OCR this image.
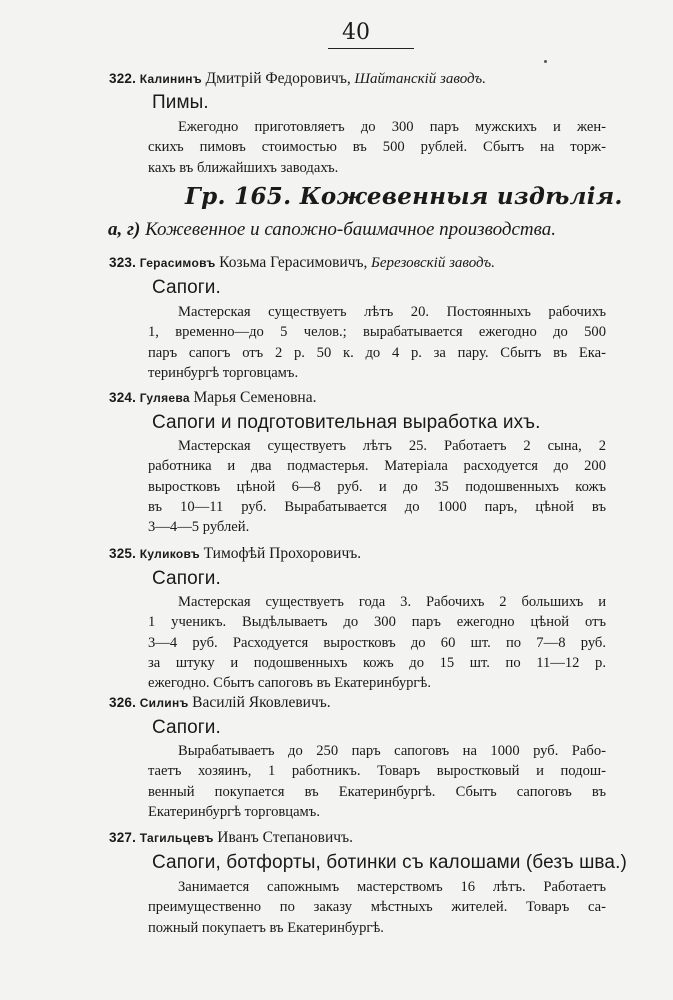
40
322. Калининъ Дмитрій Федоровичъ, Шайтанскій заводъ.
Пимы.
Ежегодно приготовляетъ до 300 паръ мужскихъ и жен-
скихъ пимовъ стоимостью въ 500 рублей. Сбытъ на торж-
кахъ въ ближайшихъ заводахъ.
Гр. 165. Кожевенныя издѣлія.
a, г) Кожевенное и сапожно-башмачное производства.
323. Герасимовъ Козьма Герасимовичъ, Березовскій заводъ.
Сапоги.
Мастерская существуетъ лѣтъ 20. Постоянныхъ рабочихъ
1, временно—до 5 челов.; вырабатывается ежегодно до 500
паръ сапогъ отъ 2 р. 50 к. до 4 р. за пару. Сбытъ въ Ека-
теринбургѣ торговцамъ.
324. Гуляева Марья Семеновна.
Сапоги и подготовительная выработка ихъ.
Мастерская существуетъ лѣтъ 25. Работаетъ 2 сына, 2
работника и два подмастерья. Матеріала расходуется до 200
выростковъ цѣной 6—8 руб. и до 35 подошвенныхъ кожъ
въ 10—11 руб. Вырабатывается до 1000 паръ, цѣной въ
3—4—5 рублей.
325. Куликовъ Тимофѣй Прохоровичъ.
Сапоги.
Мастерская существуетъ года 3. Рабочихъ 2 большихъ и
1 ученикъ. Выдѣлываетъ до 300 паръ ежегодно цѣной отъ
3—4 руб. Расходуется выростковъ до 60 шт. по 7—8 руб.
за штуку и подошвенныхъ кожъ до 15 шт. по 11—12 р.
ежегодно. Сбытъ сапоговъ въ Екатеринбургѣ.
326. Силинъ Василій Яковлевичъ.
Сапоги.
Вырабатываетъ до 250 паръ сапоговъ на 1000 руб. Рабо-
таетъ хозяинъ, 1 работникъ. Товаръ выростковый и подош-
венный покупается въ Екатеринбургѣ. Сбытъ сапоговъ въ
Екатеринбургѣ торговцамъ.
327. Тагильцевъ Иванъ Степановичъ.
Сапоги, ботфорты, ботинки съ калошами (безъ шва.)
Занимается сапожнымъ мастерствомъ 16 лѣтъ. Работаетъ
преимущественно по заказу мѣстныхъ жителей. Товаръ са-
пожный покупаетъ въ Екатеринбургѣ.
